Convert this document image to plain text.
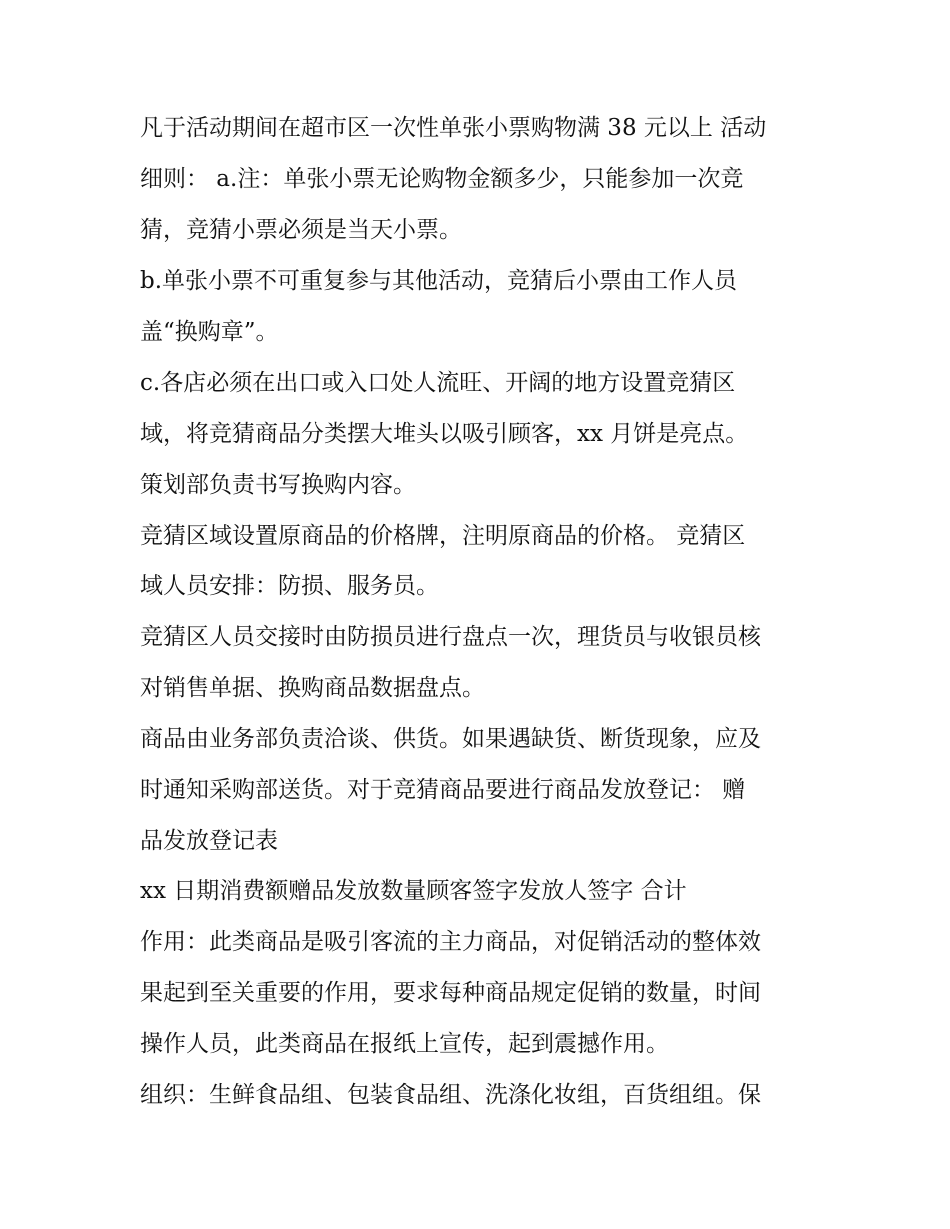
凡于活动期间在超市区一次性单张小票购物满 38 元以上 活动

细则： a.注：单张小票无论购物金额多少，只能参加一次竞

猜，竞猜小票必须是当天小票。

b.单张小票不可重复参与其他活动，竞猜后小票由工作人员

盖“换购章”。

c.各店必须在出口或入口处人流旺、开阔的地方设置竞猜区

域，将竞猜商品分类摆大堆头以吸引顾客，xx 月饼是亮点。

策划部负责书写换购内容。

竞猜区域设置原商品的价格牌，注明原商品的价格。 竞猜区

域人员安排：防损、服务员。

竞猜区人员交接时由防损员进行盘点一次，理货员与收银员核

对销售单据、换购商品数据盘点。

商品由业务部负责洽谈、供货。如果遇缺货、断货现象，应及

时通知采购部送货。对于竞猜商品要进行商品发放登记： 赠

品发放登记表

xx 日期消费额赠品发放数量顾客签字发放人签字 合计

作用：此类商品是吸引客流的主力商品，对促销活动的整体效

果起到至关重要的作用，要求每种商品规定促销的数量，时间

操作人员，此类商品在报纸上宣传，起到震撼作用。

组织：生鲜食品组、包装食品组、洗涤化妆组，百货组组。保
